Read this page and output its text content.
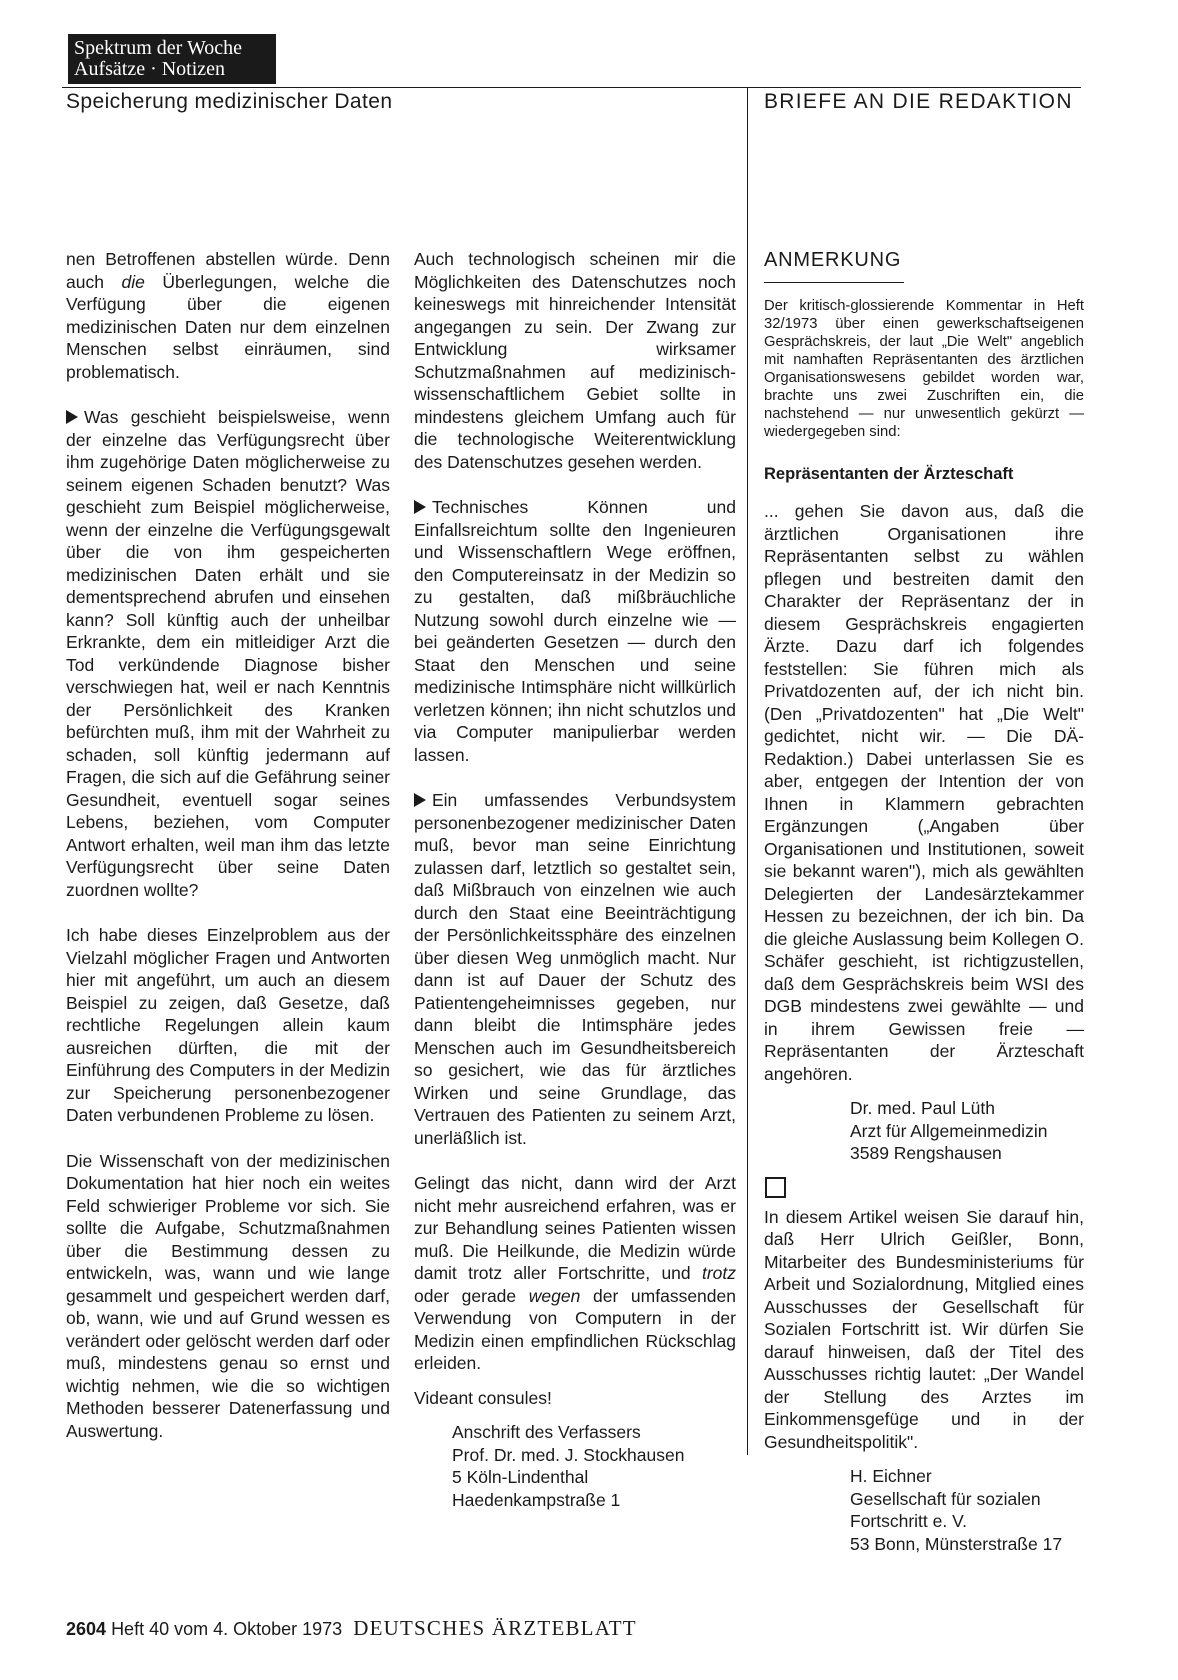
Spektrum der Woche
Aufsätze · Notizen
Speicherung medizinischer Daten	BRIEFE AN DIE REDAKTION

nen Betroffenen abstellen würde. Denn auch die Überlegungen, welche die Verfügung über die eigenen medizinischen Daten nur dem einzelnen Menschen selbst einräumen, sind problematisch.

Was geschieht beispielsweise, wenn der einzelne das Verfügungsrecht über ihm zugehörige Daten möglicherweise zu seinem eigenen Schaden benutzt? Was geschieht zum Beispiel möglicherweise, wenn der einzelne die Verfügungsgewalt über die von ihm gespeicherten medizinischen Daten erhält und sie dementsprechend abrufen und einsehen kann? Soll künftig auch der unheilbar Erkrankte, dem ein mitleidiger Arzt die Tod verkündende Diagnose bisher verschwiegen hat, weil er nach Kenntnis der Persönlichkeit des Kranken befürchten muß, ihm mit der Wahrheit zu schaden, soll künftig jedermann auf Fragen, die sich auf die Gefährung seiner Gesundheit, eventuell sogar seines Lebens, beziehen, vom Computer Antwort erhalten, weil man ihm das letzte Verfügungsrecht über seine Daten zuordnen wollte?

Ich habe dieses Einzelproblem aus der Vielzahl möglicher Fragen und Antworten hier mit angeführt, um auch an diesem Beispiel zu zeigen, daß Gesetze, daß rechtliche Regelungen allein kaum ausreichen dürften, die mit der Einführung des Computers in der Medizin zur Speicherung personenbezogener Daten verbundenen Probleme zu lösen.

Die Wissenschaft von der medizinischen Dokumentation hat hier noch ein weites Feld schwieriger Probleme vor sich. Sie sollte die Aufgabe, Schutzmaßnahmen über die Bestimmung dessen zu entwickeln, was, wann und wie lange gesammelt und gespeichert werden darf, ob, wann, wie und auf Grund wessen es verändert oder gelöscht werden darf oder muß, mindestens genau so ernst und wichtig nehmen, wie die so wichtigen Methoden besserer Datenerfassung und Auswertung.

Auch technologisch scheinen mir die Möglichkeiten des Datenschutzes noch keineswegs mit hinreichender Intensität angegangen zu sein. Der Zwang zur Entwicklung wirksamer Schutzmaßnahmen auf medizinisch-wissenschaftlichem Gebiet sollte in mindestens gleichem Umfang auch für die technologische Weiterentwicklung des Datenschutzes gesehen werden.

Technisches Können und Einfallsreichtum sollte den Ingenieuren und Wissenschaftlern Wege eröffnen, den Computereinsatz in der Medizin so zu gestalten, daß mißbräuchliche Nutzung sowohl durch einzelne wie — bei geänderten Gesetzen — durch den Staat den Menschen und seine medizinische Intimsphäre nicht willkürlich verletzen können; ihn nicht schutzlos und via Computer manipulierbar werden lassen.

Ein umfassendes Verbundsystem personenbezogener medizinischer Daten muß, bevor man seine Einrichtung zulassen darf, letztlich so gestaltet sein, daß Mißbrauch von einzelnen wie auch durch den Staat eine Beeinträchtigung der Persönlichkeitssphäre des einzelnen über diesen Weg unmöglich macht. Nur dann ist auf Dauer der Schutz des Patientengeheimnisses gegeben, nur dann bleibt die Intimsphäre jedes Menschen auch im Gesundheitsbereich so gesichert, wie das für ärztliches Wirken und seine Grundlage, das Vertrauen des Patienten zu seinem Arzt, unerläßlich ist.

Gelingt das nicht, dann wird der Arzt nicht mehr ausreichend erfahren, was er zur Behandlung seines Patienten wissen muß. Die Heilkunde, die Medizin würde damit trotz aller Fortschritte, und trotz oder gerade wegen der umfassenden Verwendung von Computern in der Medizin einen empfindlichen Rückschlag erleiden.

Videant consules!

Anschrift des Verfassers
Prof. Dr. med. J. Stockhausen
5 Köln-Lindenthal
Haedenkampstraße 1
ANMERKUNG

Der kritisch-glossierende Kommentar in Heft 32/1973 über einen gewerkschaftseigenen Gesprächskreis, der laut „Die Welt" angeblich mit namhaften Repräsentanten des ärztlichen Organisationswesens gebildet worden war, brachte uns zwei Zuschriften ein, die nachstehend — nur unwesentlich gekürzt — wiedergegeben sind:

Repräsentanten der Ärzteschaft

... gehen Sie davon aus, daß die ärztlichen Organisationen ihre Repräsentanten selbst zu wählen pflegen und bestreiten damit den Charakter der Repräsentanz der in diesem Gesprächskreis engagierten Ärzte. Dazu darf ich folgendes feststellen: Sie führen mich als Privatdozenten auf, der ich nicht bin. (Den „Privatdozenten" hat „Die Welt" gedichtet, nicht wir. — Die DÄ-Redaktion.) Dabei unterlassen Sie es aber, entgegen der Intention der von Ihnen in Klammern gebrachten Ergänzungen („Angaben über Organisationen und Institutionen, soweit sie bekannt waren"), mich als gewählten Delegierten der Landesärztekammer Hessen zu bezeichnen, der ich bin. Da die gleiche Auslassung beim Kollegen O. Schäfer geschieht, ist richtigzustellen, daß dem Gesprächskreis beim WSI des DGB mindestens zwei gewählte — und in ihrem Gewissen freie — Repräsentanten der Ärzteschaft angehören.

Dr. med. Paul Lüth
Arzt für Allgemeinmedizin
3589 Rengshausen

In diesem Artikel weisen Sie darauf hin, daß Herr Ulrich Geißler, Bonn, Mitarbeiter des Bundesministeriums für Arbeit und Sozialordnung, Mitglied eines Ausschusses der Gesellschaft für Sozialen Fortschritt ist. Wir dürfen Sie darauf hinweisen, daß der Titel des Ausschusses richtig lautet: „Der Wandel der Stellung des Arztes im Einkommensgefüge und in der Gesundheitspolitik".

H. Eichner
Gesellschaft für sozialen
Fortschritt e. V.
53 Bonn, Münsterstraße 17
2604 Heft 40 vom 4. Oktober 1973 DEUTSCHES ÄRZTEBLATT
